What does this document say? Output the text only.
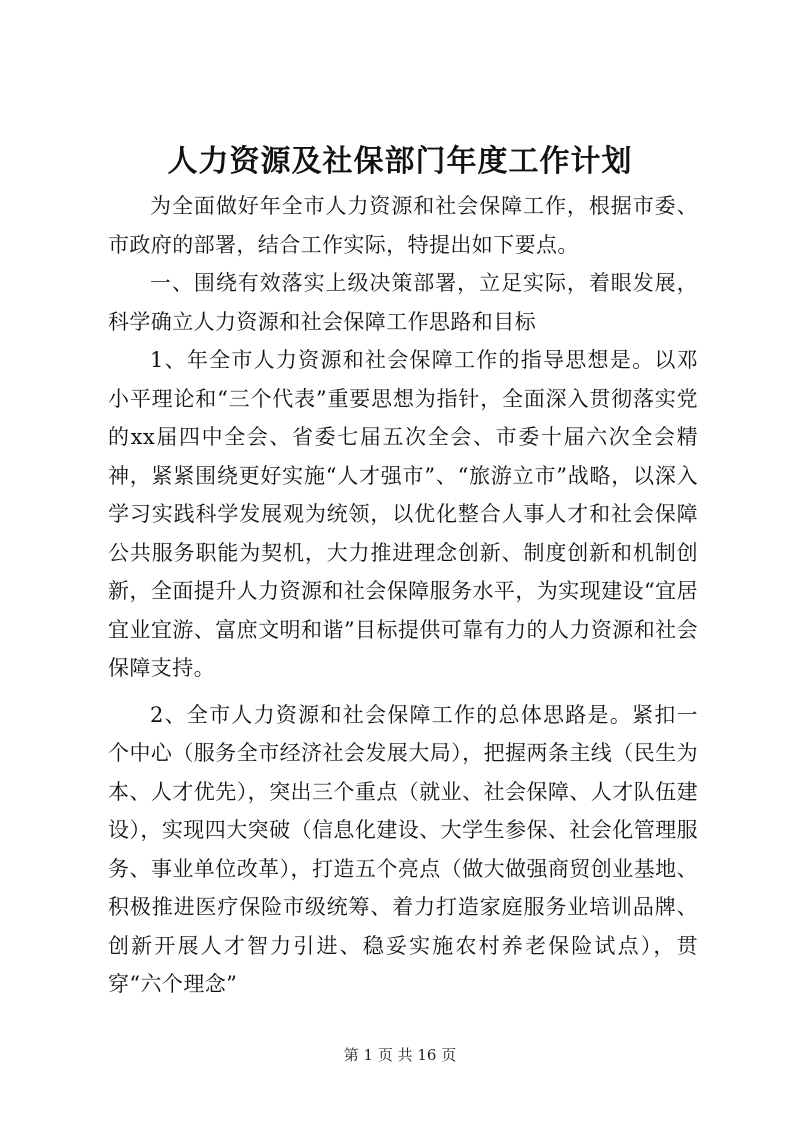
人力资源及社保部门年度工作计划

为全面做好年全市人力资源和社会保障工作，根据市委、市政府的部署，结合工作实际，特提出如下要点。

一、围绕有效落实上级决策部署，立足实际，着眼发展，科学确立人力资源和社会保障工作思路和目标

1、年全市人力资源和社会保障工作的指导思想是。以邓小平理论和“三个代表”重要思想为指针，全面深入贯彻落实党的xx届四中全会、省委七届五次全会、市委十届六次全会精神，紧紧围绕更好实施“人才强市”、“旅游立市”战略，以深入学习实践科学发展观为统领，以优化整合人事人才和社会保障公共服务职能为契机，大力推进理念创新、制度创新和机制创新，全面提升人力资源和社会保障服务水平，为实现建设“宜居宜业宜游、富庶文明和谐”目标提供可靠有力的人力资源和社会保障支持。

2、全市人力资源和社会保障工作的总体思路是。紧扣一个中心（服务全市经济社会发展大局），把握两条主线（民生为本、人才优先），突出三个重点（就业、社会保障、人才队伍建设），实现四大突破（信息化建设、大学生参保、社会化管理服务、事业单位改革），打造五个亮点（做大做强商贸创业基地、积极推进医疗保险市级统筹、着力打造家庭服务业培训品牌、创新开展人才智力引进、稳妥实施农村养老保险试点），贯穿“六个理念”

第 1 页 共 16 页
